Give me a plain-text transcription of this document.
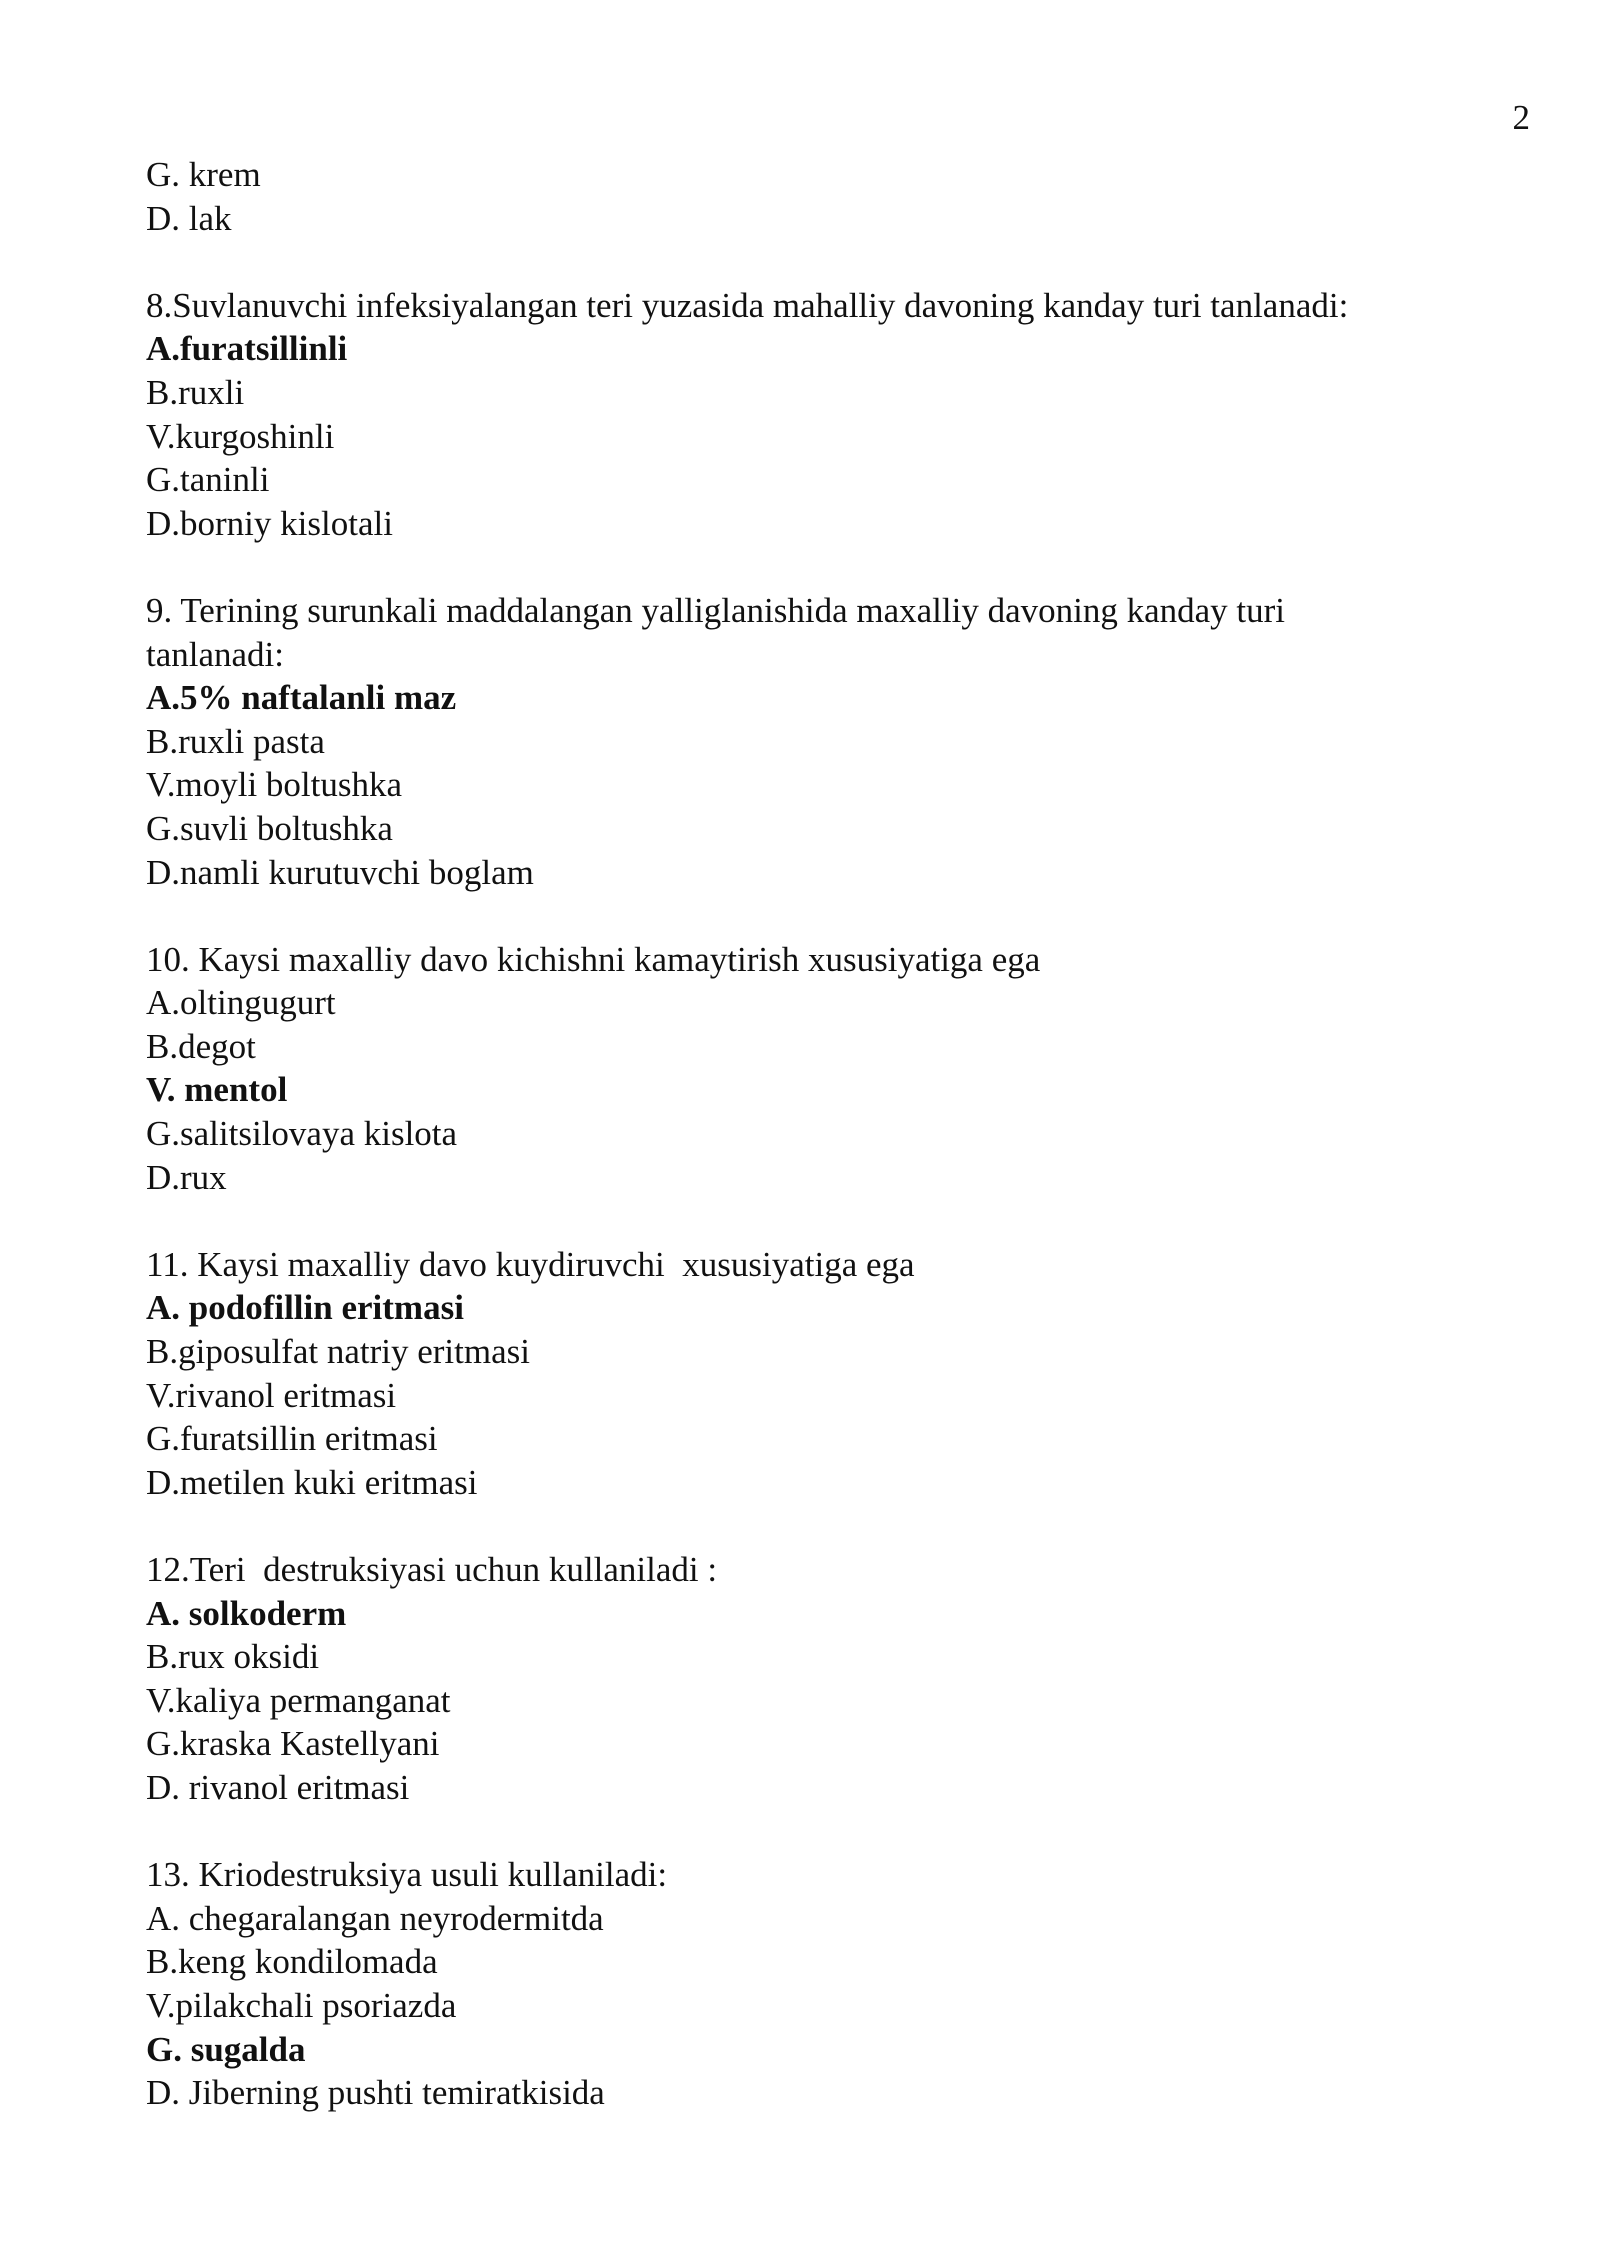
2
G. krem
D. lak
8.Suvlanuvchi infeksiyalangan teri yuzasida mahalliy davoning kanday turi tanlanadi:
A.furatsillinli
B.ruxli
V.kurgoshinli
G.taninli
D.borniy kislotali
9. Terining surunkali maddalangan yalliglanishida maxalliy davoning kanday turi
tanlanadi:
A.5% naftalanli maz
B.ruxli pasta
V.moyli boltushka
G.suvli boltushka
D.namli kurutuvchi boglam
10. Kaysi maxalliy davo kichishni kamaytirish xususiyatiga ega
A.oltingugurt
B.degot
V. mentol
G.salitsilovaya kislota
D.rux
11. Kaysi maxalliy davo kuydiruvchi  xususiyatiga ega
A. podofillin eritmasi
B.giposulfat natriy eritmasi
V.rivanol eritmasi
G.furatsillin eritmasi
D.metilen kuki eritmasi
12.Teri  destruksiyasi uchun kullaniladi :
A. solkoderm
B.rux oksidi
V.kaliya permanganat
G.kraska Kastellyani
D. rivanol eritmasi
13. Kriodestruksiya usuli kullaniladi:
A. chegaralangan neyrodermitda
B.keng kondilomada
V.pilakchali psoriazda
G. sugalda
D. Jiberning pushti temiratkisida
